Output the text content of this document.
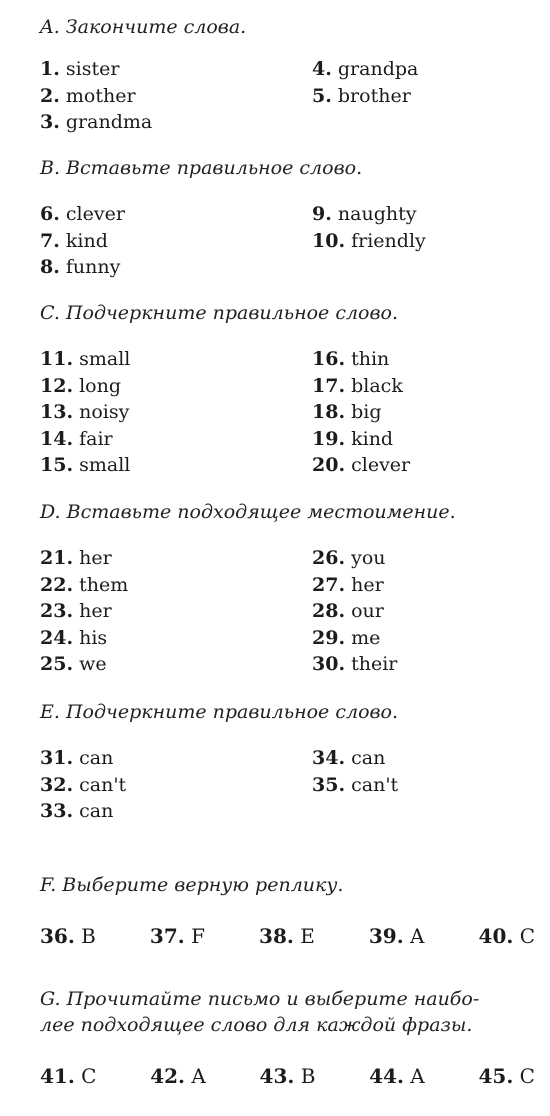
A. Закончите слова.
1. sister
2. mother
3. grandma
4. grandpa
5. brother
B. Вставьте правильное слово.
6. clever
7. kind
8. funny
9. naughty
10. friendly
C. Подчеркните правильное слово.
11. small
12. long
13. noisy
14. fair
15. small
16. thin
17. black
18. big
19. kind
20. clever
D. Вставьте подходящее местоимение.
21. her
22. them
23. her
24. his
25. we
26. you
27. her
28. our
29. me
30. their
E. Подчеркните правильное слово.
31. can
32. can't
33. can
34. can
35. can't
F. Выберите верную реплику.
36. B	37. F	38. E	39. A	40. C
G. Прочитайте письмо и выберите наибо-
лее подходящее слово для каждой фразы.
41. C	42. A	43. B	44. A	45. C
